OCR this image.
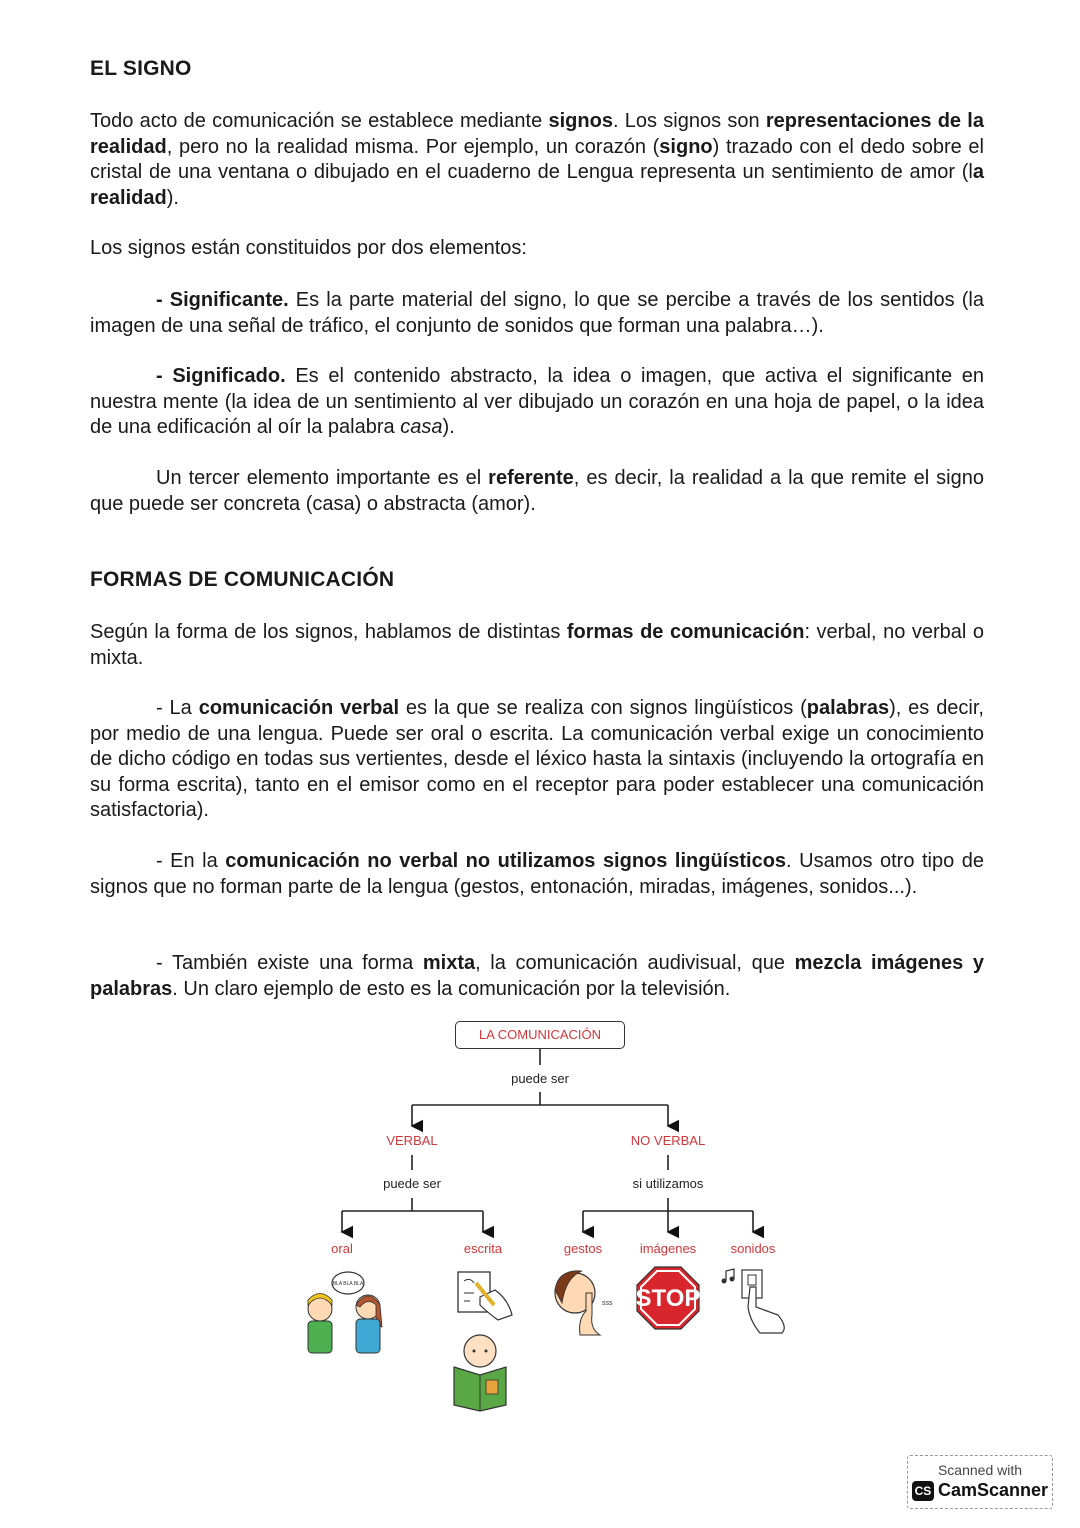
EL SIGNO

Todo acto de comunicación se establece mediante signos. Los signos son representaciones de la realidad, pero no la realidad misma. Por ejemplo, un corazón (signo) trazado con el dedo sobre el cristal de una ventana o dibujado en el cuaderno de Lengua representa un sentimiento de amor (la realidad).

Los signos están constituidos por dos elementos:

- Significante. Es la parte material del signo, lo que se percibe a través de los sentidos (la imagen de una señal de tráfico, el conjunto de sonidos que forman una palabra…).

- Significado. Es el contenido abstracto, la idea o imagen, que activa el significante en nuestra mente (la idea de un sentimiento al ver dibujado un corazón en una hoja de papel, o la idea de una edificación al oír la palabra casa).

Un tercer elemento importante es el referente, es decir, la realidad a la que remite el signo que puede ser concreta (casa) o abstracta (amor).

FORMAS DE COMUNICACIÓN

Según la forma de los signos, hablamos de distintas formas de comunicación: verbal, no verbal o mixta.

- La comunicación verbal es la que se realiza con signos lingüísticos (palabras), es decir, por medio de una lengua. Puede ser oral o escrita. La comunicación verbal exige un conocimiento de dicho código en todas sus vertientes, desde el léxico hasta la sintaxis (incluyendo la ortografía en su forma escrita), tanto en el emisor como en el receptor para poder establecer una comunicación satisfactoria).

- En la comunicación no verbal no utilizamos signos lingüísticos. Usamos otro tipo de signos que no forman parte de la lengua (gestos, entonación, miradas, imágenes, sonidos...).

- También existe una forma mixta, la comunicación audivisual, que mezcla imágenes y palabras. Un claro ejemplo de esto es la comunicación por la televisión.

BLA BLA BLA
sss STOP
LA COMUNICACIÓN
puede ser
VERBAL	NO VERBAL
puede ser	si utilizamos
oral	escrita	gestos	imágenes	sonidos
Scanned with
CS CamScanner
